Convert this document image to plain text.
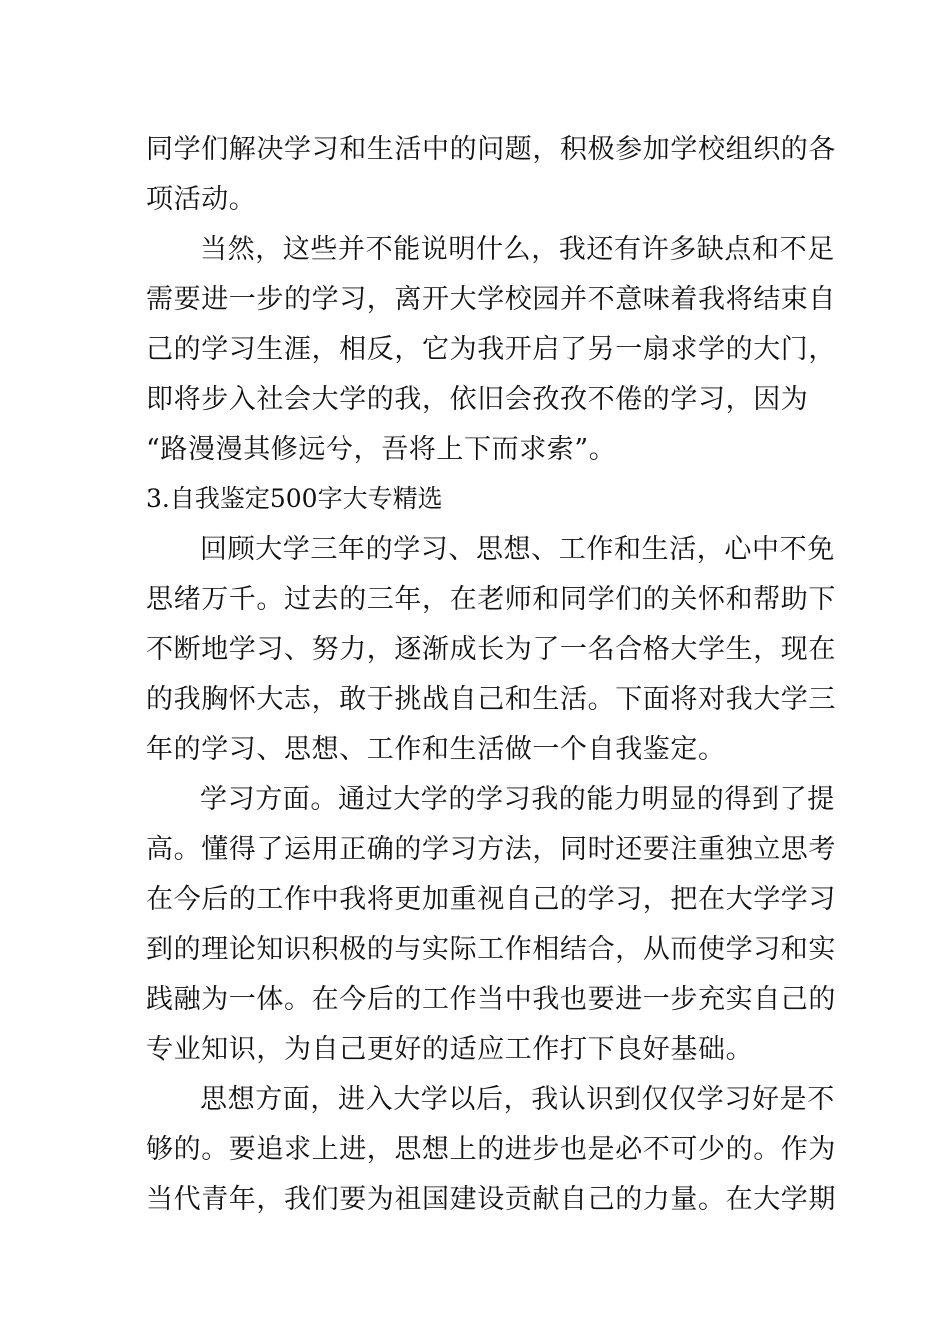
同学们解决学习和生活中的问题，积极参加学校组织的各
项活动。
当然，这些并不能说明什么，我还有许多缺点和不足
需要进一步的学习，离开大学校园并不意味着我将结束自
己的学习生涯，相反，它为我开启了另一扇求学的大门，
即将步入社会大学的我，依旧会孜孜不倦的学习，因为
“路漫漫其修远兮，吾将上下而求索”。
3.自我鉴定500字大专精选
回顾大学三年的学习、思想、工作和生活，心中不免
思绪万千。过去的三年，在老师和同学们的关怀和帮助下
不断地学习、努力，逐渐成长为了一名合格大学生，现在
的我胸怀大志，敢于挑战自己和生活。下面将对我大学三
年的学习、思想、工作和生活做一个自我鉴定。
学习方面。通过大学的学习我的能力明显的得到了提
高。懂得了运用正确的学习方法，同时还要注重独立思考
在今后的工作中我将更加重视自己的学习，把在大学学习
到的理论知识积极的与实际工作相结合，从而使学习和实
践融为一体。在今后的工作当中我也要进一步充实自己的
专业知识，为自己更好的适应工作打下良好基础。
思想方面，进入大学以后，我认识到仅仅学习好是不
够的。要追求上进，思想上的进步也是必不可少的。作为
当代青年，我们要为祖国建设贡献自己的力量。在大学期
